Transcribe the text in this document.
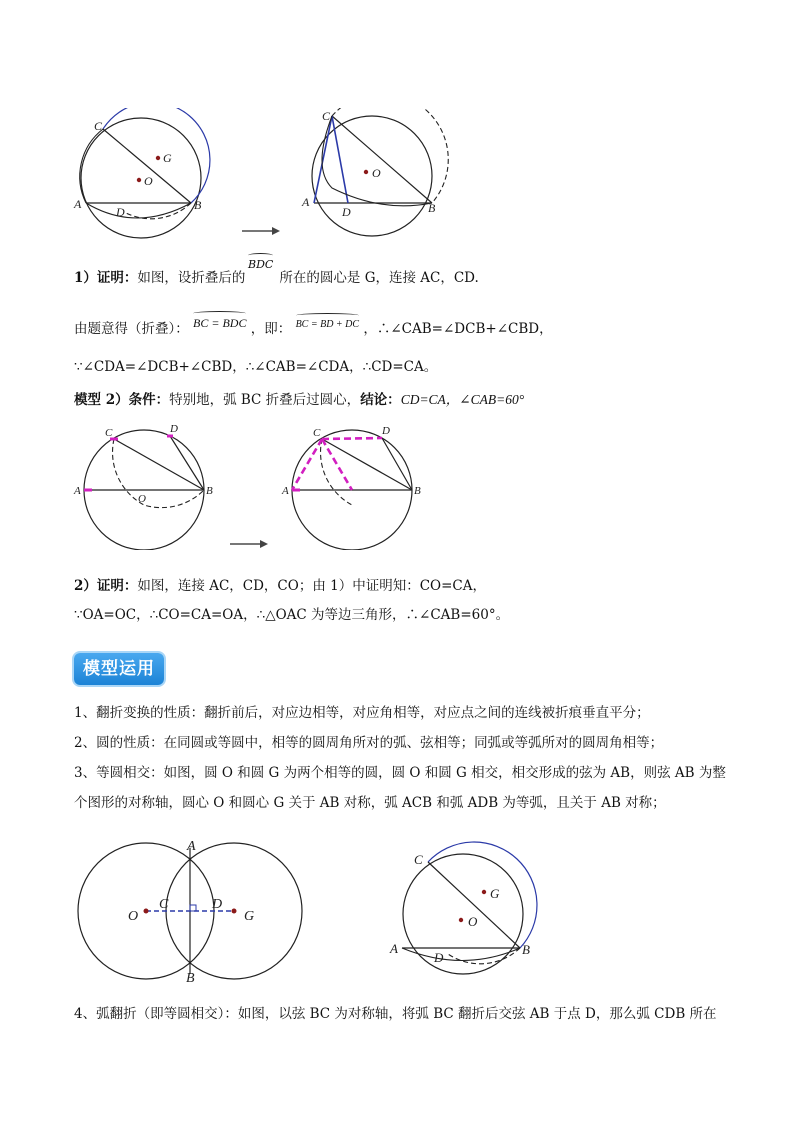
C
G
O
A
D	B
C
O
A
D	B
BDC
1）证明：如图，设折叠后的	所在的圆心是 G，连接 AC，CD.
由题意得（折叠）： BC = BDC ，即： BC = BD + DC ，∴∠CAB=∠DCB+∠CBD，
∵∠CDA=∠DCB+∠CBD，∴∠CAB=∠CDA，∴CD=CA。
模型 2）条件：特别地，弧 BC 折叠后过圆心，结论：CD=CA，∠CAB=60°
C	D
A
O
B
C	D
A	B
2）证明：如图，连接 AC，CD，CO；由 1）中证明知：CO=CA，
∵OA=OC，∴CO=CA=OA，∴△OAC 为等边三角形，∴∠CAB=60°。
模型运用
1、翻折变换的性质：翻折前后，对应边相等，对应角相等，对应点之间的连线被折痕垂直平分；
2、圆的性质：在同圆或等圆中，相等的圆周角所对的弧、弦相等；同弧或等弧所对的圆周角相等；
3、等圆相交：如图，圆 O 和圆 G 为两个相等的圆，圆 O 和圆 G 相交，相交形成的弦为 AB，则弦 AB 为整
个图形的对称轴，圆心 O 和圆心 G 关于 AB 对称，弧 ACB 和弧 ADB 为等弧，且关于 AB 对称；
A
C	D
O	G
B
C
G
O
A
D
B
4、弧翻折（即等圆相交）：如图，以弦 BC 为对称轴，将弧 BC 翻折后交弦 AB 于点 D，那么弧 CDB 所在
